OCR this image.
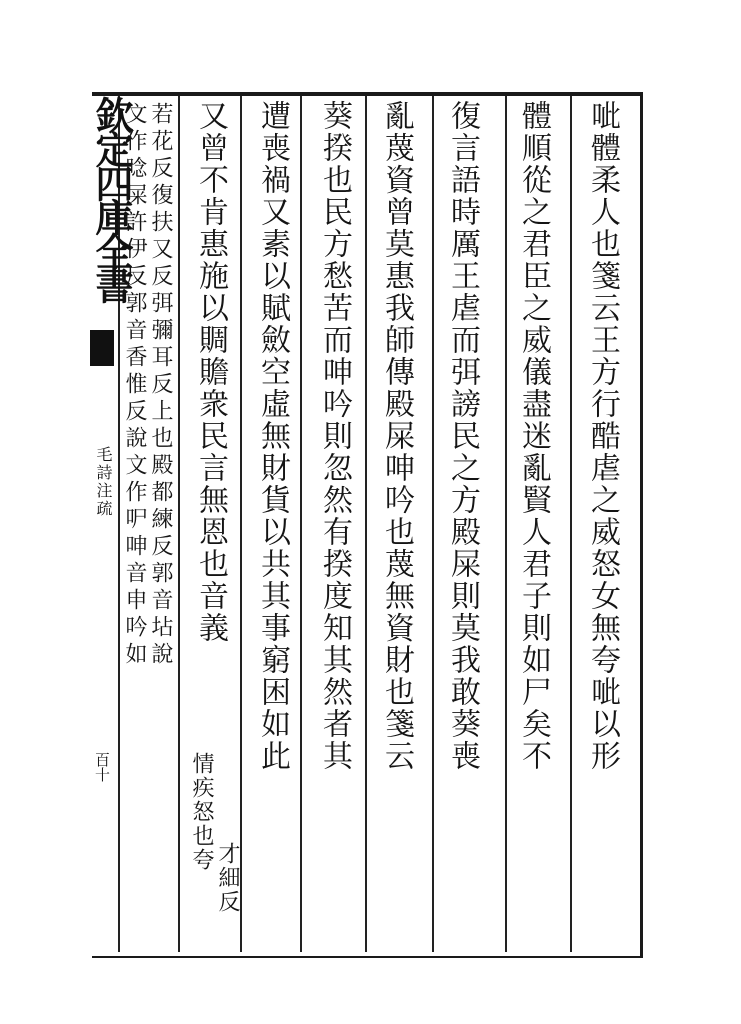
欽定四庫全書
毛詩注疏
百十	呲體柔人也箋云王方行酷虐之威怒女無夸呲以形
體順從之君臣之威儀盡迷亂賢人君子則如尸矣不
復言語時厲王虐而弭謗民之方殿屎則莫我敢葵喪
亂蔑資曾莫惠我師傳殿屎呻吟也蔑無資財也箋云
葵揆也民方愁苦而呻吟則忽然有揆度知其然者其
遭喪禍又素以賦斂空虛無財貨以共其事窮困如此
又曾不肯惠施以賙贍衆民言無恩也音義
才細反
情疾怒也夸
若花反復扶又反弭彌耳反上也殿都練反郭音坫說
文作唸屎許伊反郭音香惟反說文作㕧呻音申吟如
